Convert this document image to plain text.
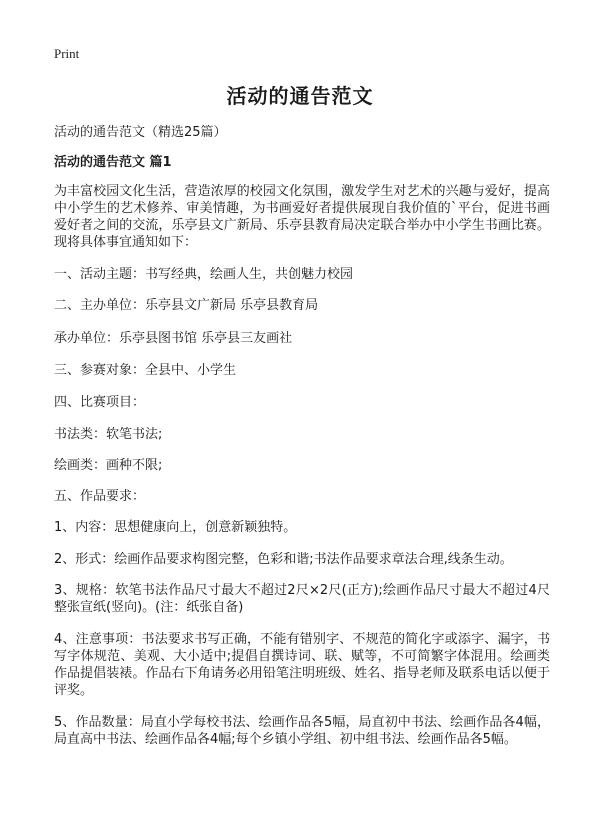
Print
活动的通告范文
活动的通告范文（精选25篇）
活动的通告范文 篇1
为丰富校园文化生活，营造浓厚的校园文化氛围，激发学生对艺术的兴趣与爱好，提高中小学生的艺术修养、审美情趣，为书画爱好者提供展现自我价值的`平台，促进书画爱好者之间的交流，乐亭县文广新局、乐亭县教育局决定联合举办中小学生书画比赛。现将具体事宜通知如下：
一、活动主题：书写经典，绘画人生，共创魅力校园
二、主办单位：乐亭县文广新局 乐亭县教育局
承办单位：乐亭县图书馆 乐亭县三友画社
三、参赛对象：全县中、小学生
四、比赛项目：
书法类：软笔书法;
绘画类：画种不限;
五、作品要求：
1、内容：思想健康向上，创意新颖独特。
2、形式：绘画作品要求构图完整，色彩和谐;书法作品要求章法合理,线条生动。
3、规格：软笔书法作品尺寸最大不超过2尺×2尺(正方);绘画作品尺寸最大不超过4尺整张宣纸(竖向)。(注：纸张自备)
4、注意事项：书法要求书写正确，不能有错别字、不规范的简化字或添字、漏字，书写字体规范、美观、大小适中;提倡自撰诗词、联、赋等，不可简繁字体混用。绘画类作品提倡装裱。作品右下角请务必用铅笔注明班级、姓名、指导老师及联系电话以便于评奖。
5、作品数量：局直小学每校书法、绘画作品各5幅，局直初中书法、绘画作品各4幅，局直高中书法、绘画作品各4幅;每个乡镇小学组、初中组书法、绘画作品各5幅。
